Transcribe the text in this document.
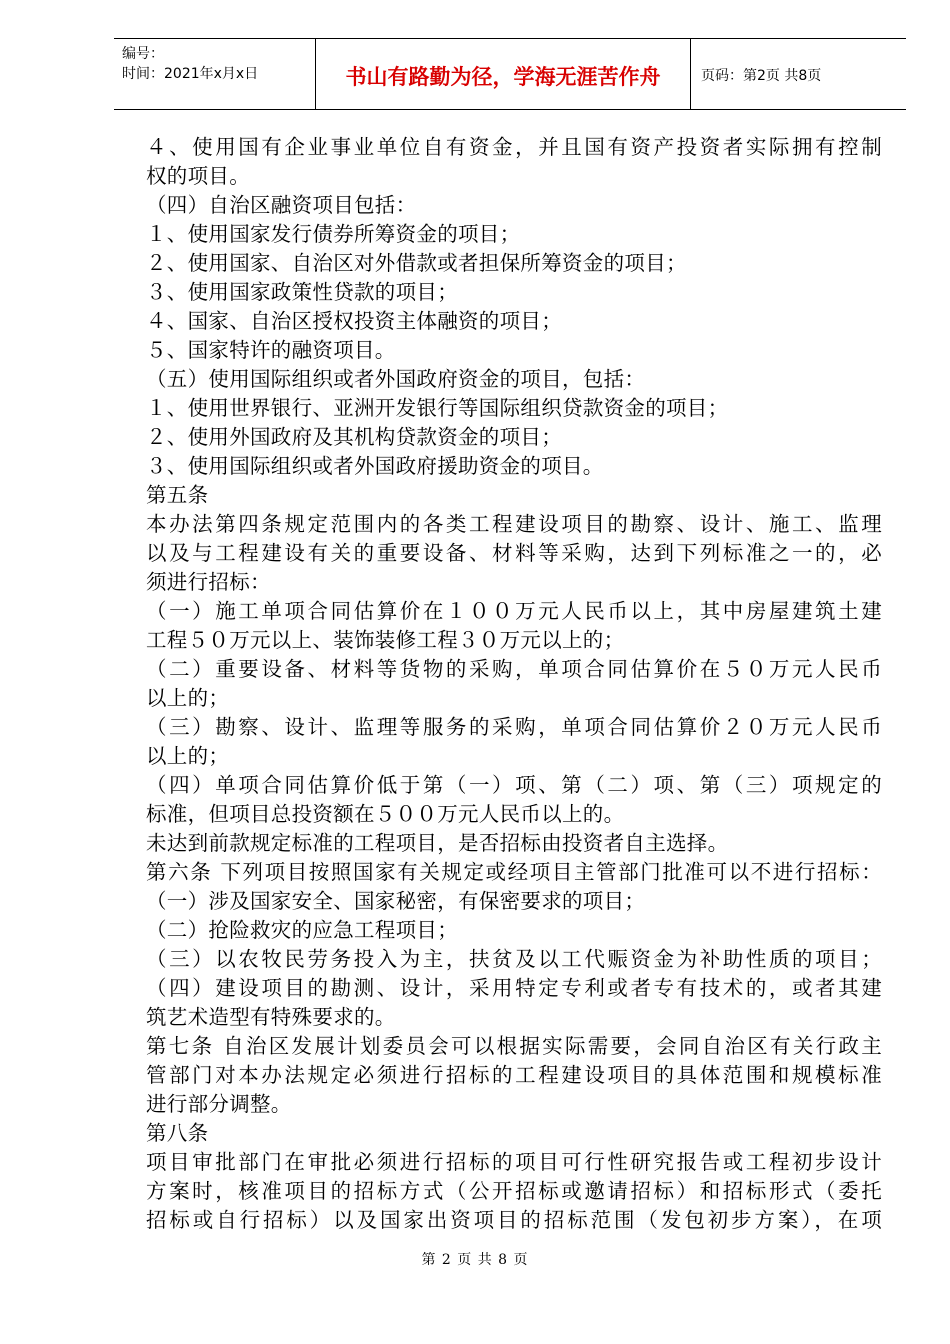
编号：
时间：2021年x月x日	书山有路勤为径，学海无涯苦作舟	页码：第2页 共8页
４、使用国有企业事业单位自有资金，并且国有资产投资者实际拥有控制
权的项目。
（四）自治区融资项目包括：
１、使用国家发行债券所筹资金的项目；
２、使用国家、自治区对外借款或者担保所筹资金的项目；
３、使用国家政策性贷款的项目；
４、国家、自治区授权投资主体融资的项目；
５、国家特许的融资项目。
（五）使用国际组织或者外国政府资金的项目，包括：
１、使用世界银行、亚洲开发银行等国际组织贷款资金的项目；
２、使用外国政府及其机构贷款资金的项目；
３、使用国际组织或者外国政府援助资金的项目。
第五条
本办法第四条规定范围内的各类工程建设项目的勘察、设计、施工、监理
以及与工程建设有关的重要设备、材料等采购，达到下列标准之一的，必
须进行招标：
（一）施工单项合同估算价在１００万元人民币以上，其中房屋建筑土建
工程５０万元以上、装饰装修工程３０万元以上的；
（二）重要设备、材料等货物的采购，单项合同估算价在５０万元人民币
以上的；
（三）勘察、设计、监理等服务的采购，单项合同估算价２０万元人民币
以上的；
（四）单项合同估算价低于第（一）项、第（二）项、第（三）项规定的
标准，但项目总投资额在５００万元人民币以上的。
未达到前款规定标准的工程项目，是否招标由投资者自主选择。
第六条 下列项目按照国家有关规定或经项目主管部门批准可以不进行招标：
（一）涉及国家安全、国家秘密，有保密要求的项目；
（二）抢险救灾的应急工程项目；
（三）以农牧民劳务投入为主，扶贫及以工代赈资金为补助性质的项目；
（四）建设项目的勘测、设计，采用特定专利或者专有技术的，或者其建
筑艺术造型有特殊要求的。
第七条 自治区发展计划委员会可以根据实际需要，会同自治区有关行政主
管部门对本办法规定必须进行招标的工程建设项目的具体范围和规模标准
进行部分调整。
第八条
项目审批部门在审批必须进行招标的项目可行性研究报告或工程初步设计
方案时，核准项目的招标方式（公开招标或邀请招标）和招标形式（委托
招标或自行招标）以及国家出资项目的招标范围（发包初步方案），在项
第 2 页 共 8 页
